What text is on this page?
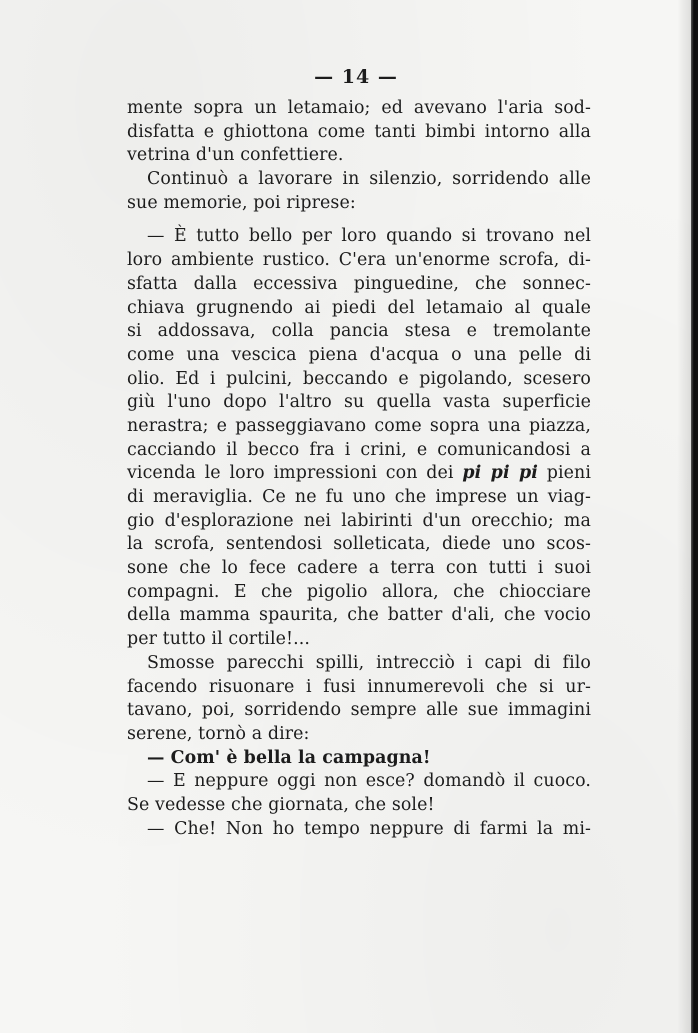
— 14 —
mente sopra un letamaio; ed avevano l'aria sod-
disfatta e ghiottona come tanti bimbi intorno alla
vetrina d'un confettiere.
Continuò a lavorare in silenzio, sorridendo alle
sue memorie, poi riprese:
— È tutto bello per loro quando si trovano nel
loro ambiente rustico. C'era un'enorme scrofa, di-
sfatta dalla eccessiva pinguedine, che sonnec-
chiava grugnendo ai piedi del letamaio al quale
si addossava, colla pancia stesa e tremolante
come una vescica piena d'acqua o una pelle di
olio. Ed i pulcini, beccando e pigolando, scesero
giù l'uno dopo l'altro su quella vasta superficie
nerastra; e passeggiavano come sopra una piazza,
cacciando il becco fra i crini, e comunicandosi a
vicenda le loro impressioni con dei pi pi pi pieni
di meraviglia. Ce ne fu uno che imprese un viag-
gio d'esplorazione nei labirinti d'un orecchio; ma
la scrofa, sentendosi solleticata, diede uno scos-
sone che lo fece cadere a terra con tutti i suoi
compagni. E che pigolio allora, che chiocciare
della mamma spaurita, che batter d'ali, che vocio
per tutto il cortile!...
Smosse parecchi spilli, intrecciò i capi di filo
facendo risuonare i fusi innumerevoli che si ur-
tavano, poi, sorridendo sempre alle sue immagini
serene, tornò a dire:
— Com' è bella la campagna!
— E neppure oggi non esce? domandò il cuoco.
Se vedesse che giornata, che sole!
— Che! Non ho tempo neppure di farmi la mi-
